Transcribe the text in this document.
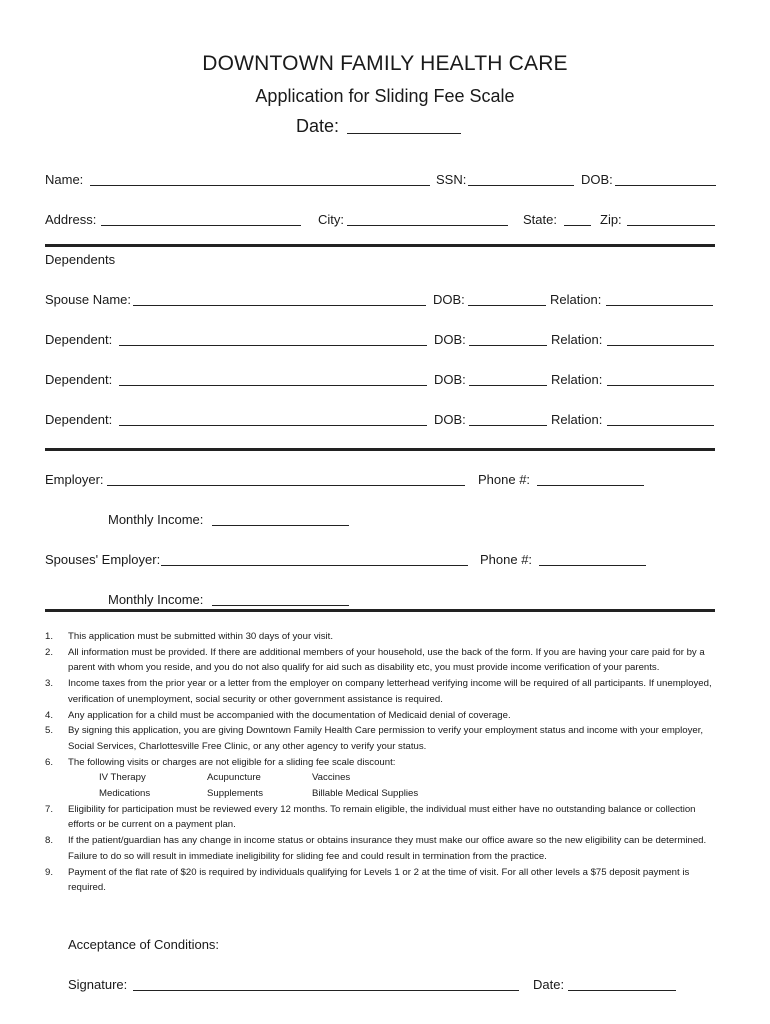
DOWNTOWN FAMILY HEALTH CARE
Application for Sliding Fee Scale
Date:
Name:	SSN:	DOB:
Address:	City:	State:	Zip:
Dependents
Spouse Name:	DOB:	Relation:
Dependent:	DOB:	Relation:
Dependent:	DOB:	Relation:
Dependent:	DOB:	Relation:
Employer:	Phone #:
Monthly Income:
Spouses' Employer:	Phone #:
Monthly Income:
1.	This application must be submitted within 30 days of your visit.
2.	All information must be provided. If there are additional members of your household, use the back of the form. If you are having your care paid for by a parent with whom you reside, and you do not also qualify for aid such as disability etc, you must provide income verification of your parents.
3.	Income taxes from the prior year or a letter from the employer on company letterhead verifying income will be required of all participants. If unemployed, verification of unemployment, social security or other government assistance is required.
4.	Any application for a child must be accompanied with the documentation of Medicaid denial of coverage.
5.	By signing this application, you are giving Downtown Family Health Care permission to verify your employment status and income with your employer, Social Services, Charlottesville Free Clinic, or any other agency to verify your status.
6.	The following visits or charges are not eligible for a sliding fee scale discount:
IV Therapy	Acupuncture	Vaccines
Medications	Supplements	Billable Medical Supplies
7.	Eligibility for participation must be reviewed every 12 months. To remain eligible, the individual must either have no outstanding balance or collection efforts or be current on a payment plan.
8.	If the patient/guardian has any change in income status or obtains insurance they must make our office aware so the new eligibility can be determined. Failure to do so will result in immediate ineligibility for sliding fee and could result in termination from the practice.
9.	Payment of the flat rate of $20 is required by individuals qualifying for Levels 1 or 2 at the time of visit. For all other levels a $75 deposit payment is required.
Acceptance of Conditions:
Signature:	Date:
